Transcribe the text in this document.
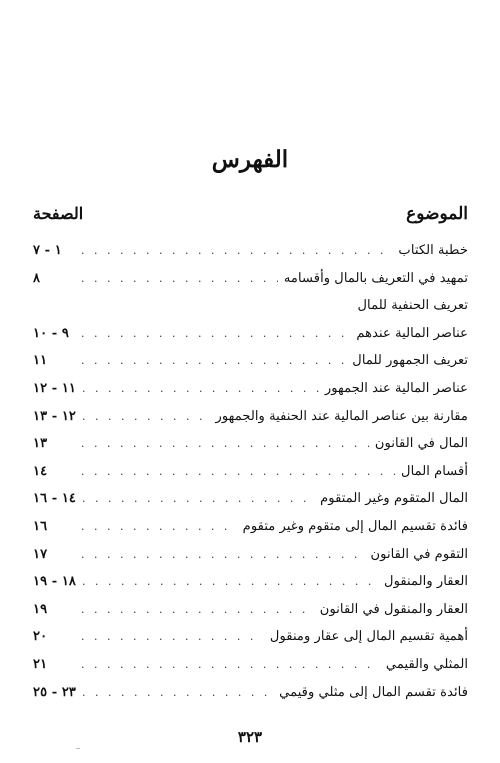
الفهرس
الموضوع
الصفحة
خطبة الكتاب
. . .
١ - ٧
تمهيد في التعريف بالمال وأقسامه
. . .
٨
تعريف الحنفية للمال
عناصر المالية عندهم
. . .
٩ - ١٠
تعريف الجمهور للمال
. . .
١١
عناصر المالية عند الجمهور
. . .
١١ - ١٢
مقارنة بين عناصر المالية عند الحنفية والجمهور
. . .
١٢ - ١٣
المال في القانون
. . .
١٣
أقسام المال
. . .
١٤
المال المتقوم وغير المتقوم
. . .
١٤ - ١٦
فائدة تقسيم المال إلى متقوم وغير متقوم
. . .
١٦
التقوم في القانون
. . .
١٧
العقار والمنقول
. . .
١٨ - ١٩
العقار والمنقول في القانون
. . .
١٩
أهمية تقسيم المال إلى عقار ومنقول
. . .
٢٠
المثلي والقيمي
. . .
٢١
فائدة تقسم المال إلى مثلي وقيمي
. . .
٢٣ - ٢٥
٣٢٣
